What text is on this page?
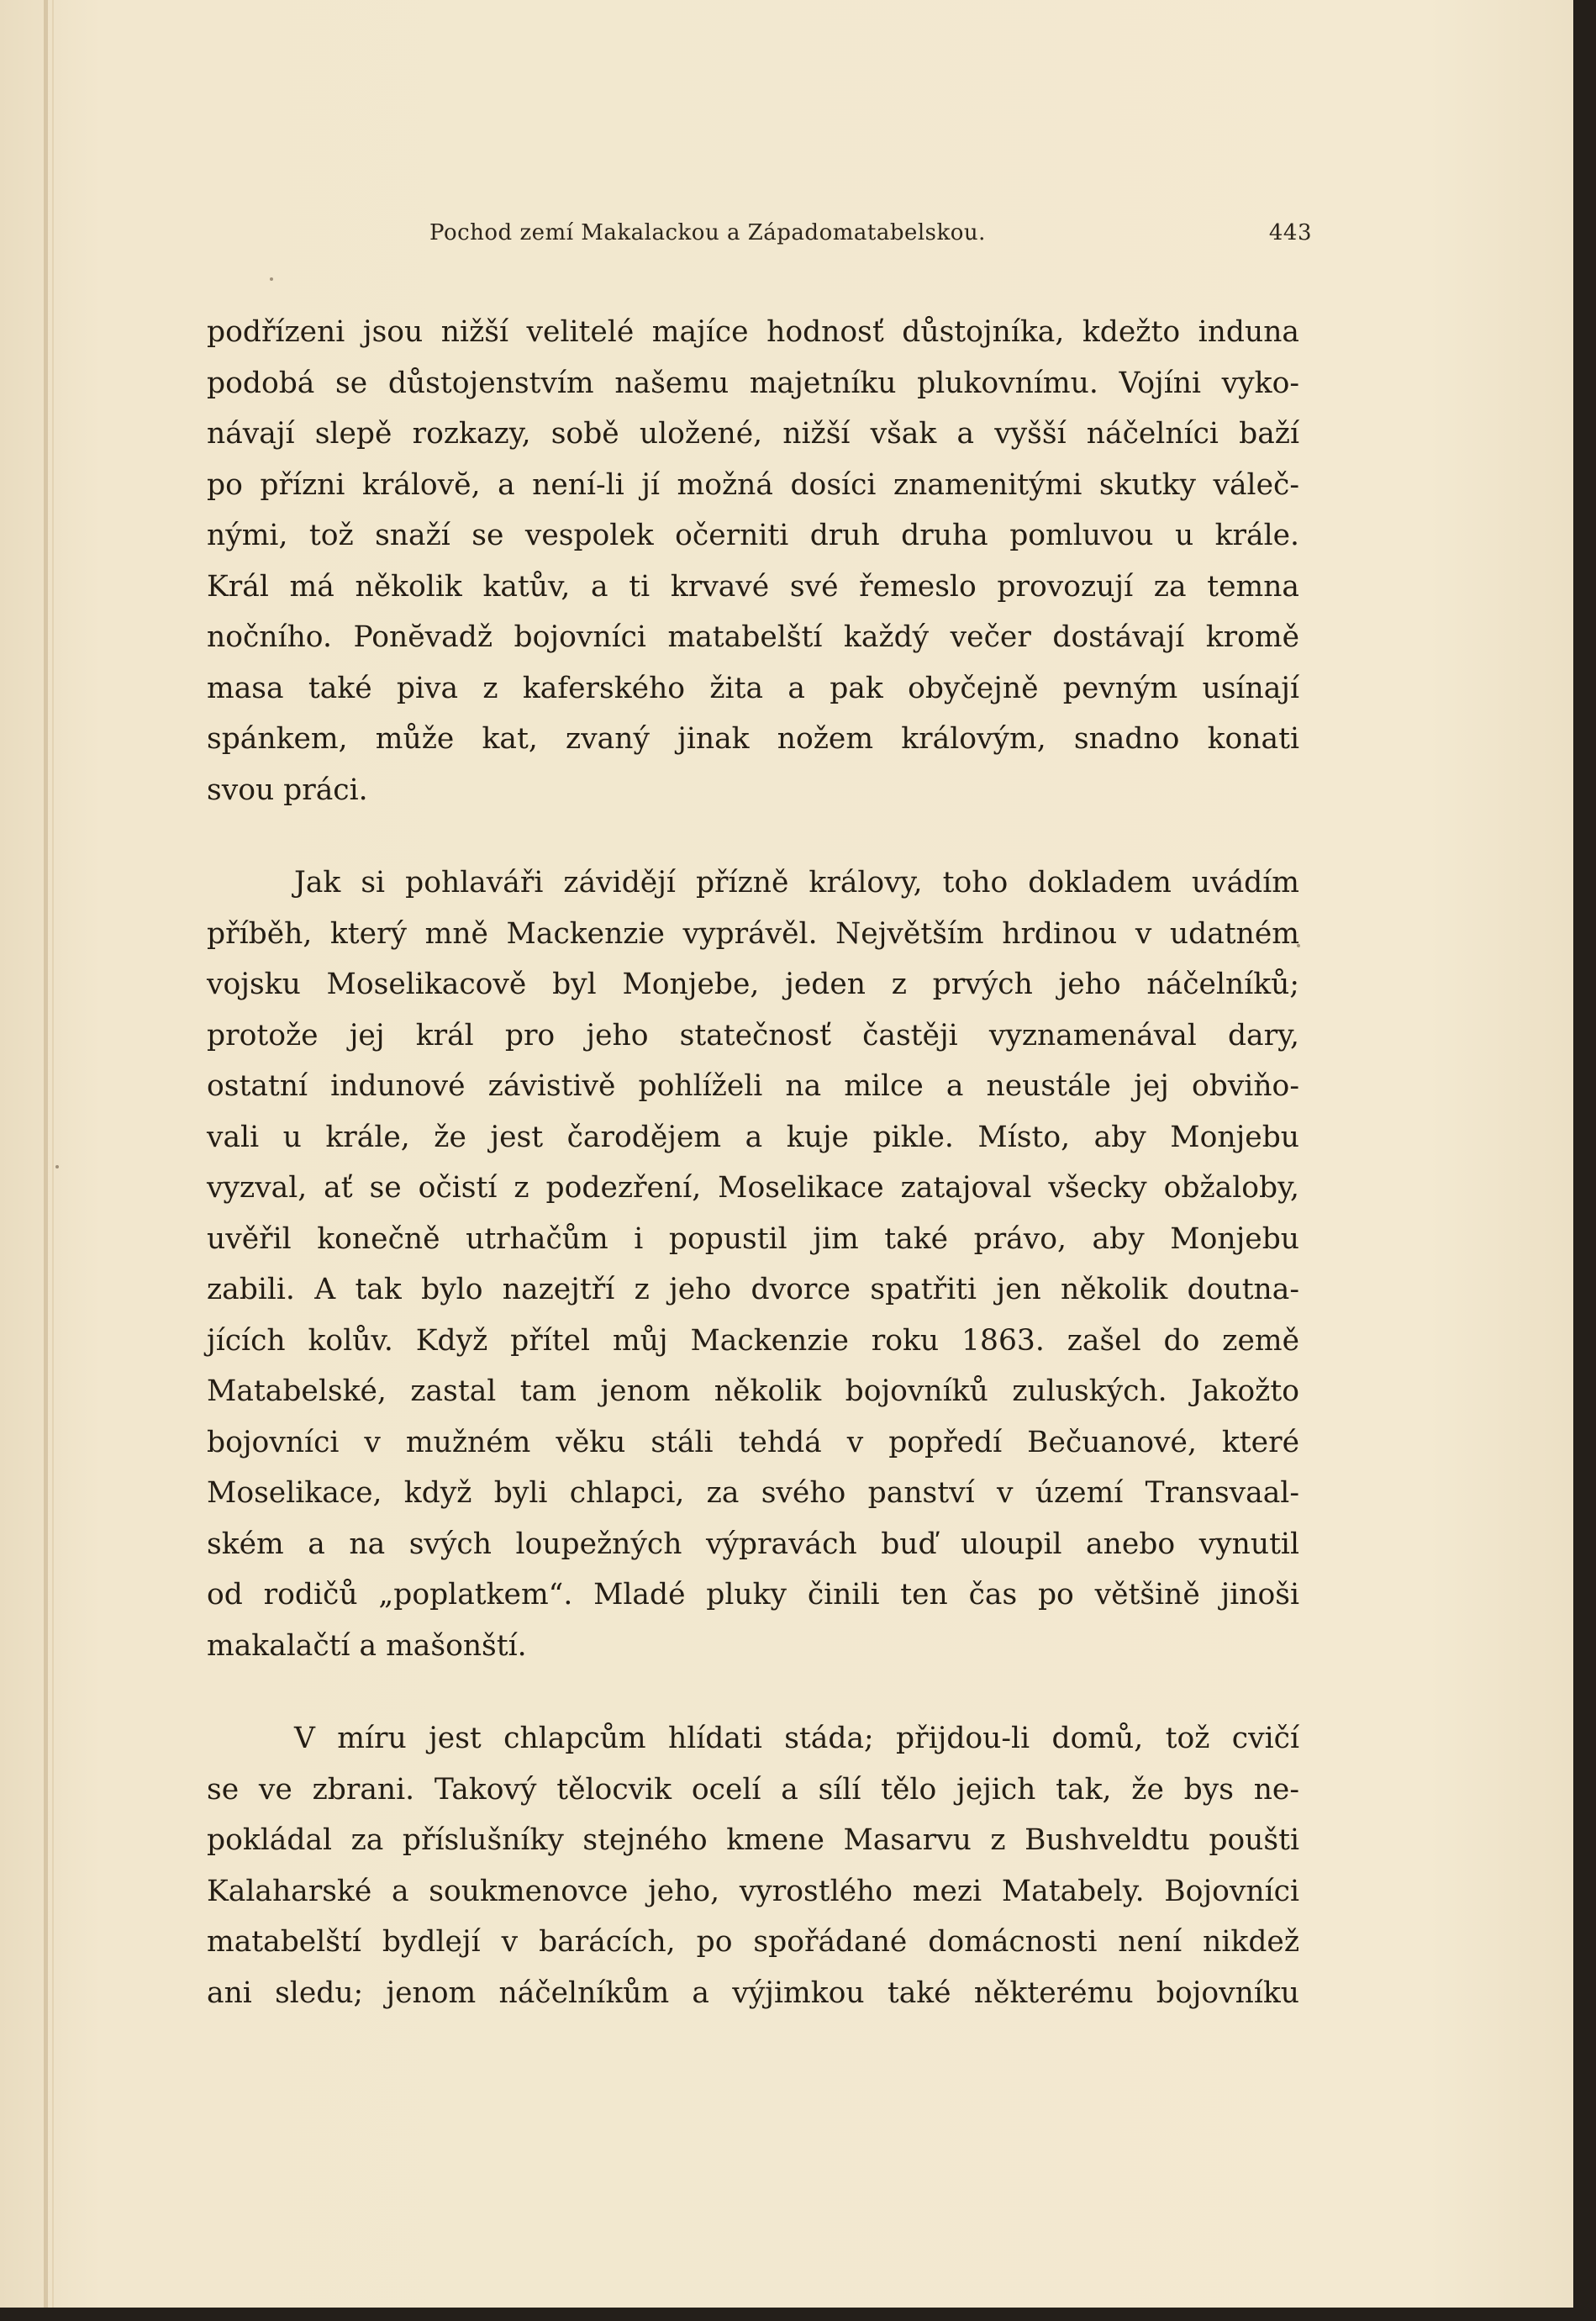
Pochod zemí Makalackou a Západomatabelskou.	443

podřízeni jsou nižší velitelé majíce hodnosť důstojníka, kdežto induna
podobá se důstojenstvím našemu majetníku plukovnímu. Vojíni vyko-
návají slepě rozkazy, sobě uložené, nižší však a vyšší náčelníci baží
po přízni královĕ, a není-li jí možná dosíci znamenitými skutky váleč-
nými, tož snaží se vespolek očerniti druh druha pomluvou u krále.
Král má několik katův, a ti krvavé své řemeslo provozují za temna
nočního. Ponĕvadž bojovníci matabelští každý večer dostávají kromě
masa také piva z kaferského žita a pak obyčejně pevným usínají
spánkem, může kat, zvaný jinak nožem královým, snadno konati
svou práci.

Jak si pohlaváři závidějí přízně královy, toho dokladem uvádím
příběh, který mně Mackenzie vyprávěl. Největším hrdinou v udatném
vojsku Moselikacově byl Monjebe, jeden z prvých jeho náčelníků;
protože jej král pro jeho statečnosť častěji vyznamenával dary,
ostatní indunové závistivě pohlíželi na milce a neustále jej obviňo-
vali u krále, že jest čarodějem a kuje pikle. Místo, aby Monjebu
vyzval, ať se očistí z podezření, Moselikace zatajoval všecky obžaloby,
uvěřil konečně utrhačům i popustil jim také právo, aby Monjebu
zabili. A tak bylo nazejtří z jeho dvorce spatřiti jen několik doutna-
jících kolův. Když přítel můj Mackenzie roku 1863. zašel do země
Matabelské, zastal tam jenom několik bojovníků zuluských. Jakožto
bojovníci v mužném věku stáli tehdá v popředí Bečuanové, které
Moselikace, když byli chlapci, za svého panství v území Transvaal-
ském a na svých loupežných výpravách buď uloupil anebo vynutil
od rodičů „poplatkem“. Mladé pluky činili ten čas po většině jinoši
makalačtí a mašonští.

V míru jest chlapcům hlídati stáda; přijdou-li domů, tož cvičí
se ve zbrani. Takový tělocvik ocelí a sílí tělo jejich tak, že bys ne-
pokládal za příslušníky stejného kmene Masarvu z Bushveldtu poušti
Kalaharské a soukmenovce jeho, vyrostlého mezi Matabely. Bojovníci
matabelští bydlejí v barácích, po spořádané domácnosti není nikdež
ani sledu; jenom náčelníkům a výjimkou také některému bojovníku
